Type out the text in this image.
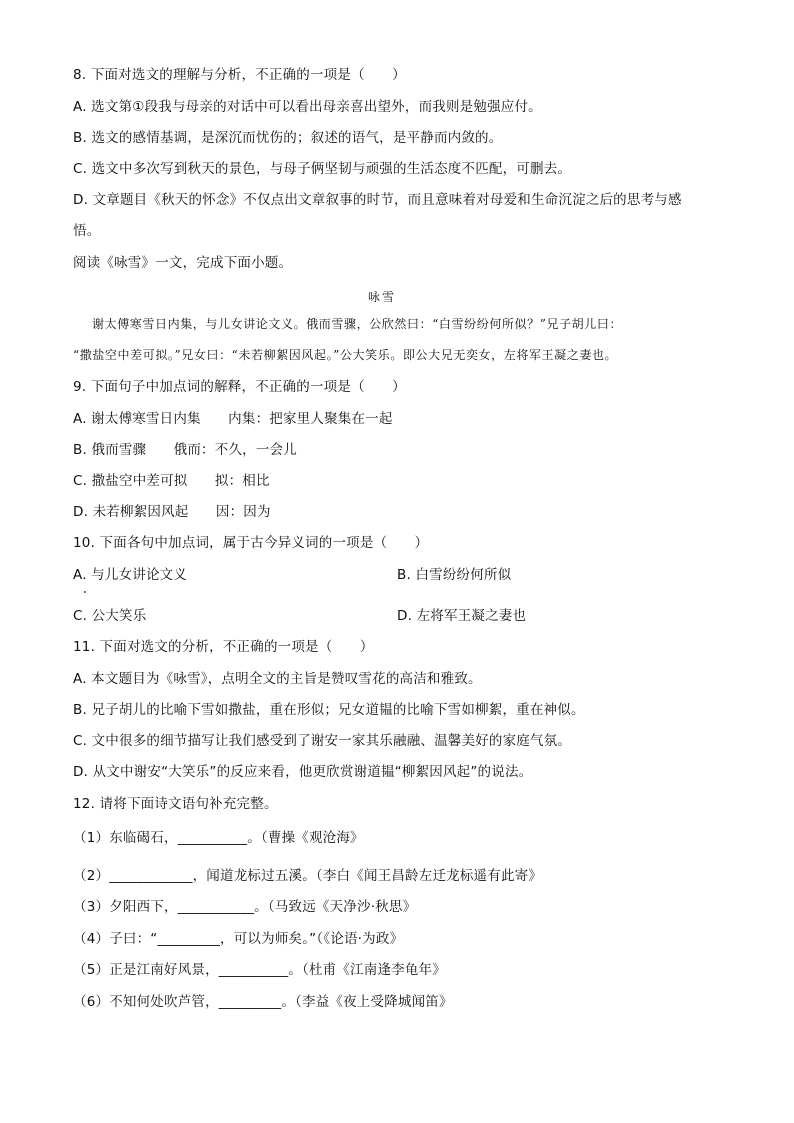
8. 下面对选文的理解与分析，不正确的一项是（　　）
A. 选文第①段我与母亲的对话中可以看出母亲喜出望外，而我则是勉强应付。
B. 选文的感情基调，是深沉而忧伤的；叙述的语气，是平静而内敛的。
C. 选文中多次写到秋天的景色，与母子俩坚韧与顽强的生活态度不匹配，可删去。
D. 文章题目《秋天的怀念》不仅点出文章叙事的时节，而且意味着对母爱和生命沉淀之后的思考与感
悟。
阅读《咏雪》一文，完成下面小题。
咏雪
谢太傅寒雪日内集，与儿女讲论文义。俄而雪骤，公欣然曰：“白雪纷纷何所似？”兄子胡儿曰：
“撒盐空中差可拟。”兄女曰：“未若柳絮因风起。”公大笑乐。即公大兄无奕女，左将军王凝之妻也。
9. 下面句子中加点词的解释，不正确的一项是（　　）
A. 谢太傅寒雪日内集　　内集：把家里人聚集在一起
B. 俄而雪骤　　俄而：不久，一会儿
C. 撒盐空中差可拟　　拟：相比
D. 未若柳絮因风起　　因：因为
10. 下面各句中加点词，属于古今异义词的一项是（　　）
A. 与儿女讲论文义	B. 白雪纷纷何所似
C. 公大笑乐	D. 左将军王凝之妻也
11. 下面对选文的分析，不正确的一项是（　　）
A. 本文题目为《咏雪》，点明全文的主旨是赞叹雪花的高洁和雅致。
B. 兄子胡儿的比喻下雪如撒盐，重在形似；兄女道韫的比喻下雪如柳絮，重在神似。
C. 文中很多的细节描写让我们感受到了谢安一家其乐融融、温馨美好的家庭气氛。
D. 从文中谢安“大笑乐”的反应来看，他更欣赏谢道韫“柳絮因风起”的说法。
12. 请将下面诗文语句补充完整。
（1）东临碣石，__________。（曹操《观沧海》
（2）____________，闻道龙标过五溪。（李白《闻王昌龄左迁龙标遥有此寄》
（3）夕阳西下，___________。（马致远《天净沙·秋思》
（4）子曰：“_________，可以为师矣。”（《论语·为政》
（5）正是江南好风景，__________。（杜甫《江南逢李龟年》
（6）不知何处吹芦管，_________。（李益《夜上受降城闻笛》
